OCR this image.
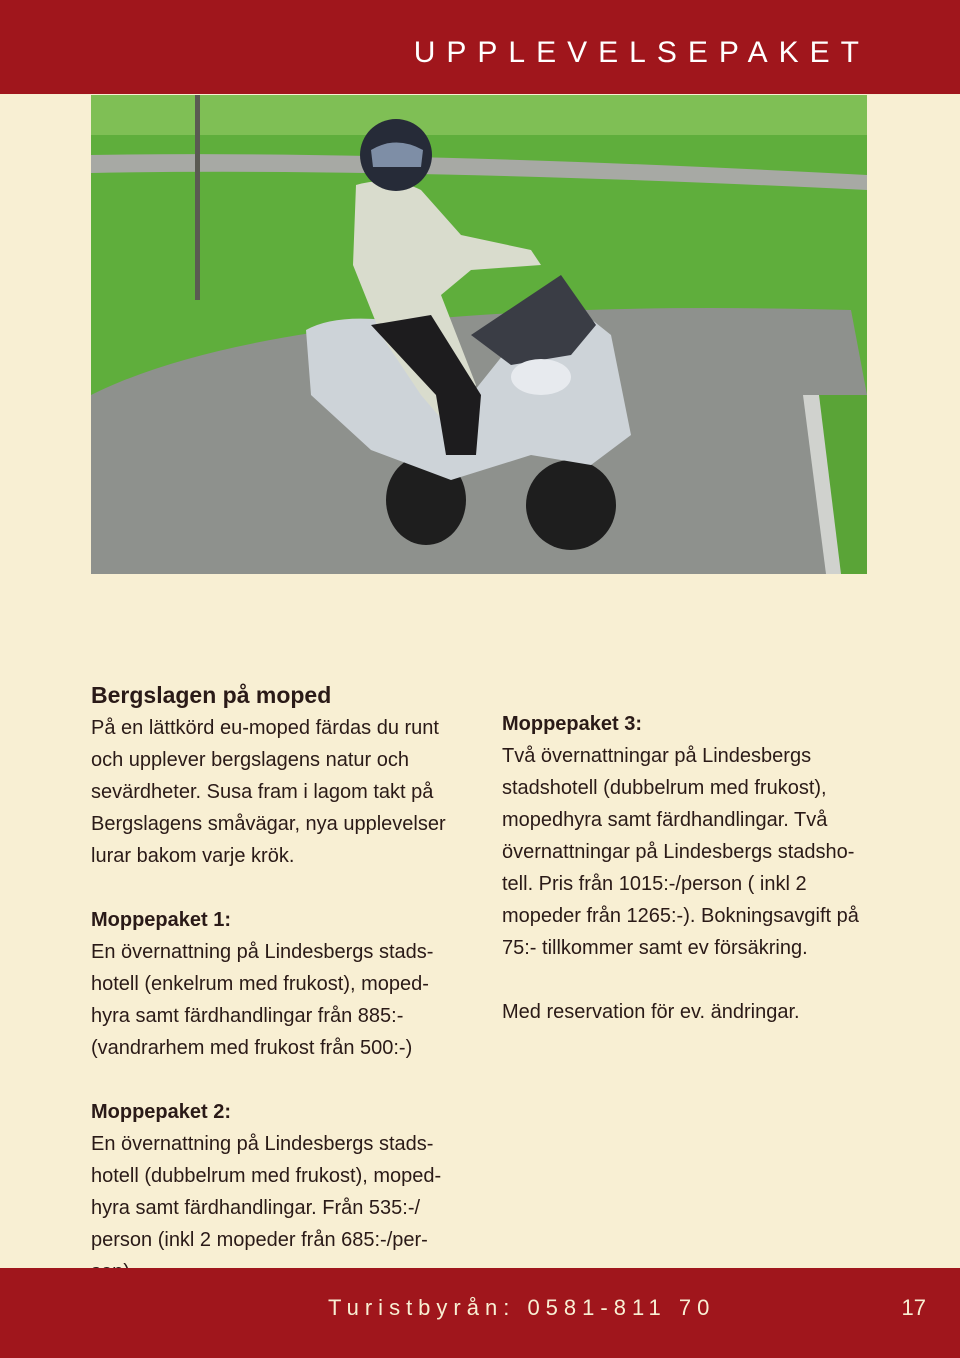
UPPLEVELSEPAKET

Bergslagen på moped

På en lättkörd eu-moped färdas du runt

och upplever bergslagens natur och

sevärdheter. Susa fram i lagom takt på

Bergslagens småvägar, nya upplevelser

lurar bakom varje krök.

Moppepaket 1:

En övernattning på Lindesbergs stads-

hotell (enkelrum med frukost), moped-

hyra samt färdhandlingar från 885:-

(vandrarhem med frukost från 500:-)

Moppepaket 2:

En övernattning på Lindesbergs stads-

hotell (dubbelrum med frukost), moped-

hyra samt färdhandlingar. Från 535:-/

person (inkl 2 mopeder från 685:-/per-

Moppepaket 3:

Två övernattningar på Lindesbergs

stadshotell (dubbelrum med frukost),

mopedhyra samt färdhandlingar. Två

övernattningar på Lindesbergs stadsho-

tell. Pris från 1015:-/person ( inkl 2

mopeder från 1265:-). Bokningsavgift på

75:- tillkommer samt ev försäkring.

Med reservation för ev. ändringar.

Turistbyrån: 0581-811 70	17
